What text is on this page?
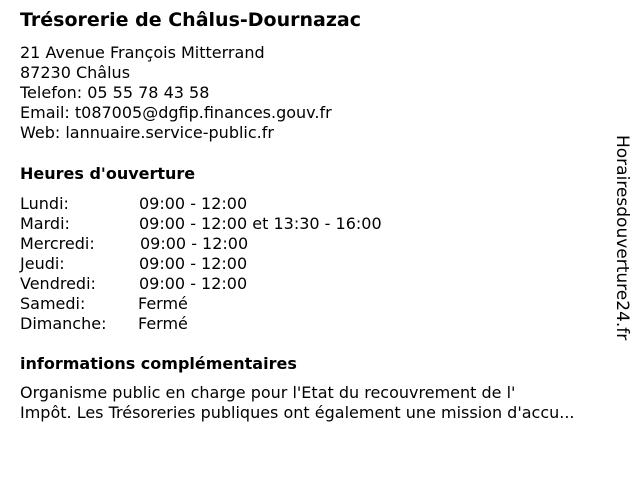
Trésorerie de Châlus-Dournazac
21 Avenue François Mitterrand
87230 Châlus
Telefon: 05 55 78 43 58
Email: t087005@dgfip.finances.gouv.fr
Web: lannuaire.service-public.fr
Heures d'ouverture
Lundi:	09:00 - 12:00
Mardi:	09:00 - 12:00 et 13:30 - 16:00
Mercredi:	09:00 - 12:00
Jeudi:	09:00 - 12:00
Vendredi:	09:00 - 12:00
Samedi:	Fermé
Dimanche: Fermé
informations complémentaires
Organisme public en charge pour l'Etat du recouvrement de l'
Impôt. Les Trésoreries publiques ont également une mission d'accu...
Horairesdouverture24.fr
